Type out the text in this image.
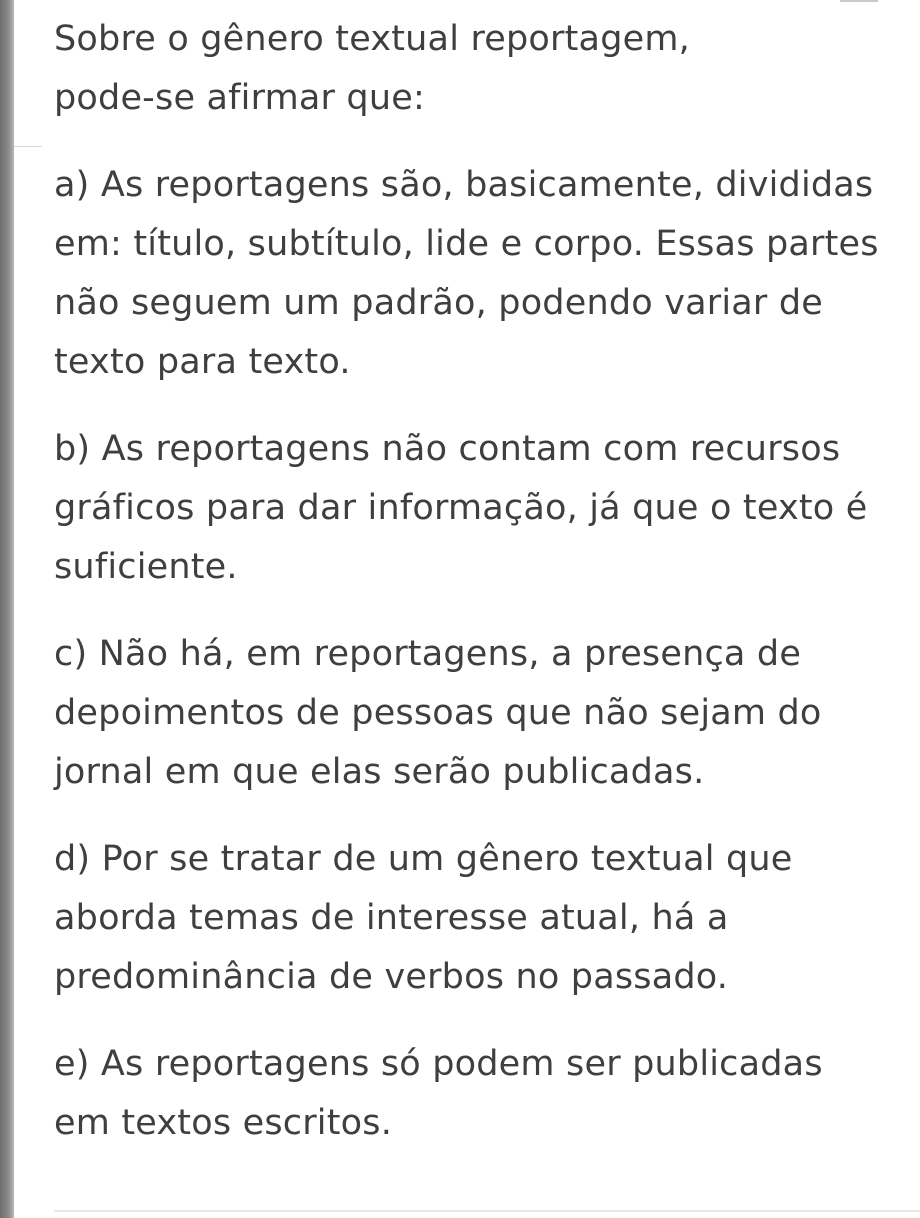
Sobre o gênero textual reportagem,
pode-se afirmar que:

a) As reportagens são, basicamente, divididas
em: título, subtítulo, lide e corpo. Essas partes
não seguem um padrão, podendo variar de
texto para texto.

b) As reportagens não contam com recursos
gráficos para dar informação, já que o texto é
suficiente.

c) Não há, em reportagens, a presença de
depoimentos de pessoas que não sejam do
jornal em que elas serão publicadas.

d) Por se tratar de um gênero textual que
aborda temas de interesse atual, há a
predominância de verbos no passado.

e) As reportagens só podem ser publicadas
em textos escritos.
